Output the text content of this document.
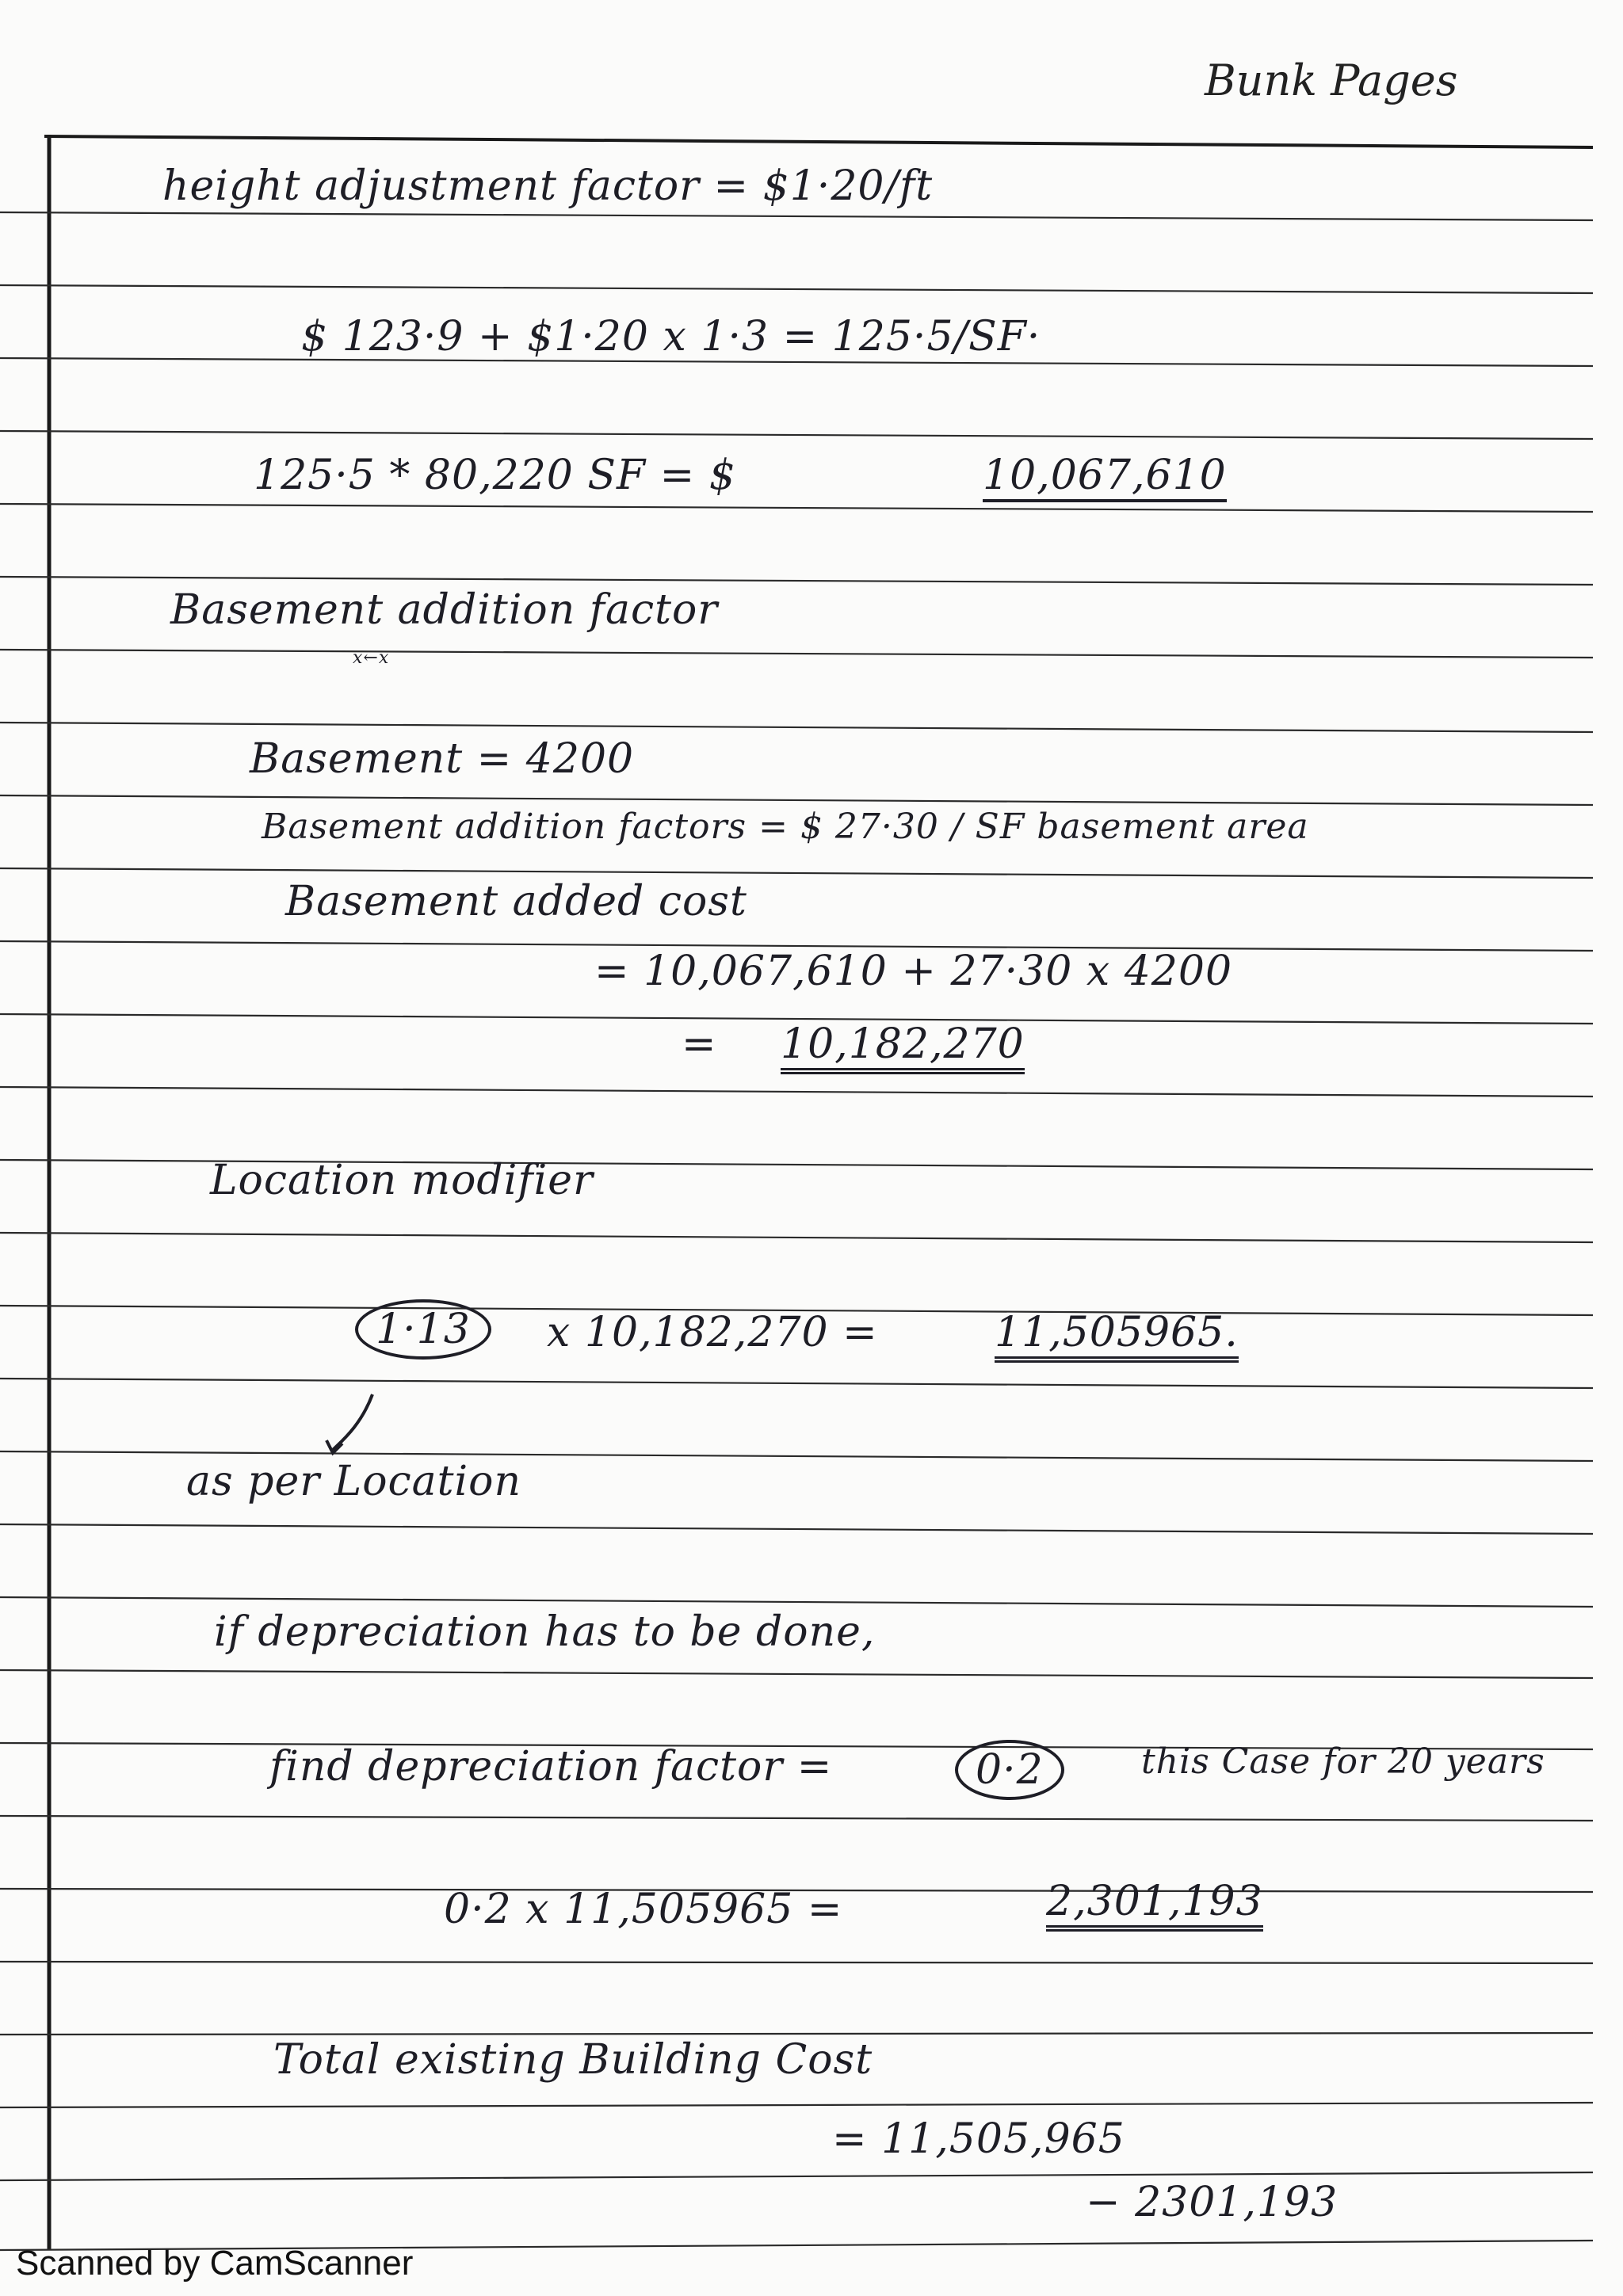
Bunk Pages
height adjustment factor = $1·20/ft
$ 123·9 + $1·20 x 1·3 = 125·5/SF·
125·5 * 80,220 SF = $	10,067,610
Basement addition factor
x←x
Basement = 4200
Basement addition factors = $ 27·30 / SF basement area
Basement added cost
= 10,067,610 + 27·30 x 4200
= 10,182,270
Location modifier
1·13	x 10,182,270 =	11,505965.
as per Location
if depreciation has to be done,
find depreciation factor =	0·2	this Case for 20 years
0·2 x 11,505965 =	2,301,193
Total existing Building Cost
= 11,505,965
− 2301,193
Scanned by CamScanner
